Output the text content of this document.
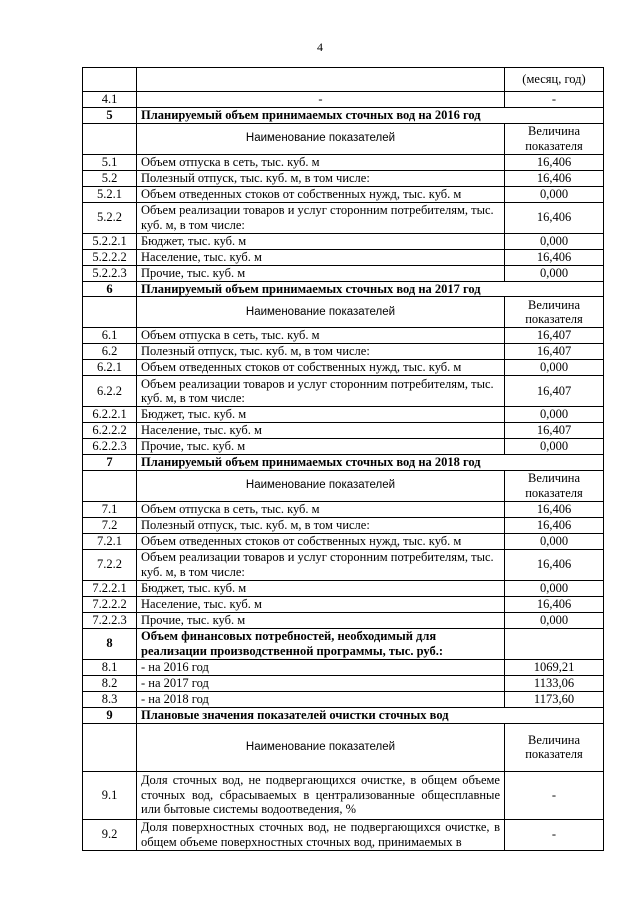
4
		(месяц, год)
4.1	-	-
5	Планируемый объем принимаемых сточных вод на 2016 год	
	Наименование показателей	Величина показателя
5.1	Объем отпуска в сеть, тыс. куб. м	16,406
5.2	Полезный отпуск, тыс. куб. м, в том числе:	16,406
5.2.1	Объем отведенных стоков от собственных нужд, тыс. куб. м	0,000
5.2.2	Объем реализации товаров и услуг сторонним потребителям, тыс. куб. м, в том числе:	16,406
5.2.2.1	Бюджет, тыс. куб. м	0,000
5.2.2.2	Население, тыс. куб. м	16,406
5.2.2.3	Прочие, тыс. куб. м	0,000
6	Планируемый объем принимаемых сточных вод на 2017 год	
	Наименование показателей	Величина показателя
6.1	Объем отпуска в сеть, тыс. куб. м	16,407
6.2	Полезный отпуск, тыс. куб. м, в том числе:	16,407
6.2.1	Объем отведенных стоков от собственных нужд, тыс. куб. м	0,000
6.2.2	Объем реализации товаров и услуг сторонним потребителям, тыс. куб. м, в том числе:	16,407
6.2.2.1	Бюджет, тыс. куб. м	0,000
6.2.2.2	Население, тыс. куб. м	16,407
6.2.2.3	Прочие, тыс. куб. м	0,000
7	Планируемый объем принимаемых сточных вод на 2018 год	
	Наименование показателей	Величина показателя
7.1	Объем отпуска в сеть, тыс. куб. м	16,406
7.2	Полезный отпуск, тыс. куб. м, в том числе:	16,406
7.2.1	Объем отведенных стоков от собственных нужд, тыс. куб. м	0,000
7.2.2	Объем реализации товаров и услуг сторонним потребителям, тыс. куб. м, в том числе:	16,406
7.2.2.1	Бюджет, тыс. куб. м	0,000
7.2.2.2	Население, тыс. куб. м	16,406
7.2.2.3	Прочие, тыс. куб. м	0,000
8	Объем финансовых потребностей, необходимый для реализации производственной программы, тыс. руб.:	
8.1	- на 2016 год	1069,21
8.2	- на 2017 год	1133,06
8.3	- на 2018 год	1173,60
9	Плановые значения показателей очистки сточных вод	
	Наименование показателей	Величина показателя
9.1	Доля сточных вод, не подвергающихся очистке, в общем объеме сточных вод, сбрасываемых в централизованные общесплавные или бытовые системы водоотведения, %	-
9.2	Доля поверхностных сточных вод, не подвергающихся очистке, в общем объеме поверхностных сточных вод, принимаемых в	-
